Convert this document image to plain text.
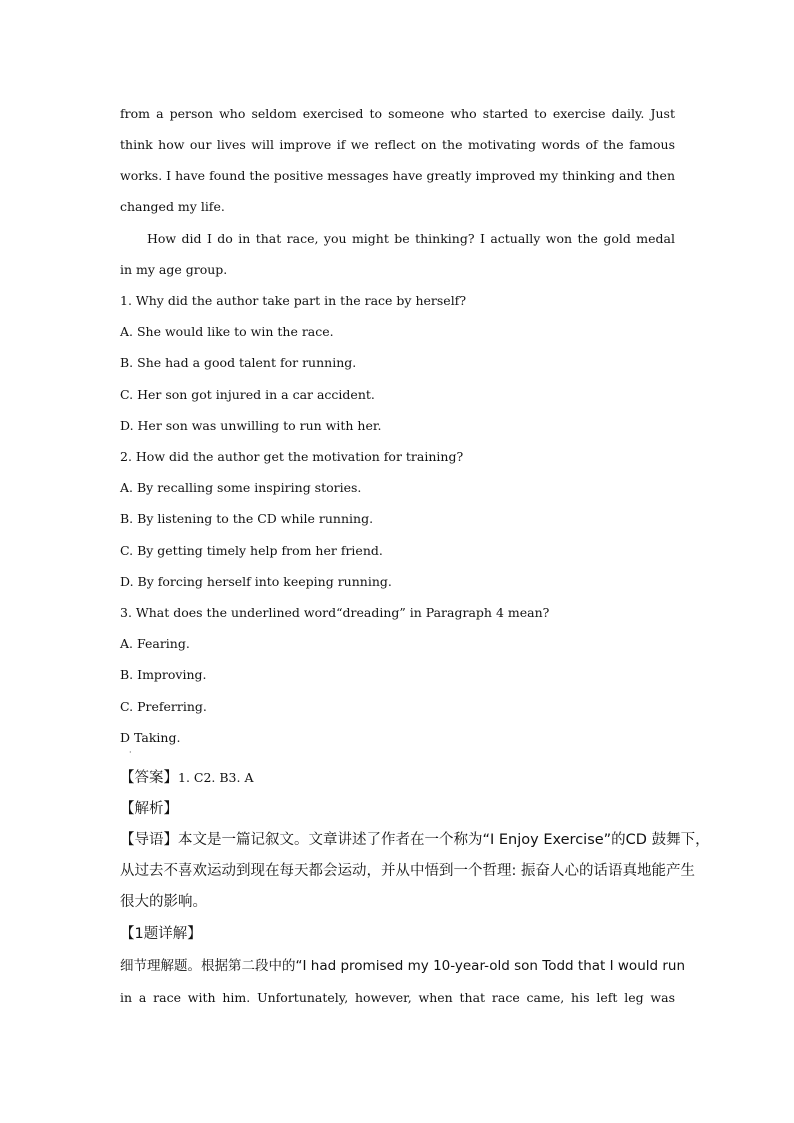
from a person who seldom exercised to someone who started to exercise daily. Just
think how our lives will improve if we reflect on the motivating words of the famous
works. I have found the positive messages have greatly improved my thinking and then
changed my life.
How did I do in that race, you might be thinking? I actually won the gold medal
in my age group.
1. Why did the author take part in the race by herself?
A. She would like to win the race.
B. She had a good talent for running.
C. Her son got injured in a car accident.
D. Her son was unwilling to run with her.
2. How did the author get the motivation for training?
A. By recalling some inspiring stories.
B. By listening to the CD while running.
C. By getting timely help from her friend.
D. By forcing herself into keeping running.
3. What does the underlined word“dreading” in Paragraph 4 mean?
A. Fearing.
B. Improving.
C. Preferring.
D Taking.
·
【答案】1. C2. B3. A
【解析】
【导语】本文是一篇记叙文。文章讲述了作者在一个称为“I Enjoy Exercise”的CD 鼓舞下，
从过去不喜欢运动到现在每天都会运动，并从中悟到一个哲理: 振奋人心的话语真地能产生
很大的影响。
【1题详解】
细节理解题。根据第二段中的“I had promised my 10-year-old son Todd that I would run
in a race with him. Unfortunately, however, when that race came, his left leg was
